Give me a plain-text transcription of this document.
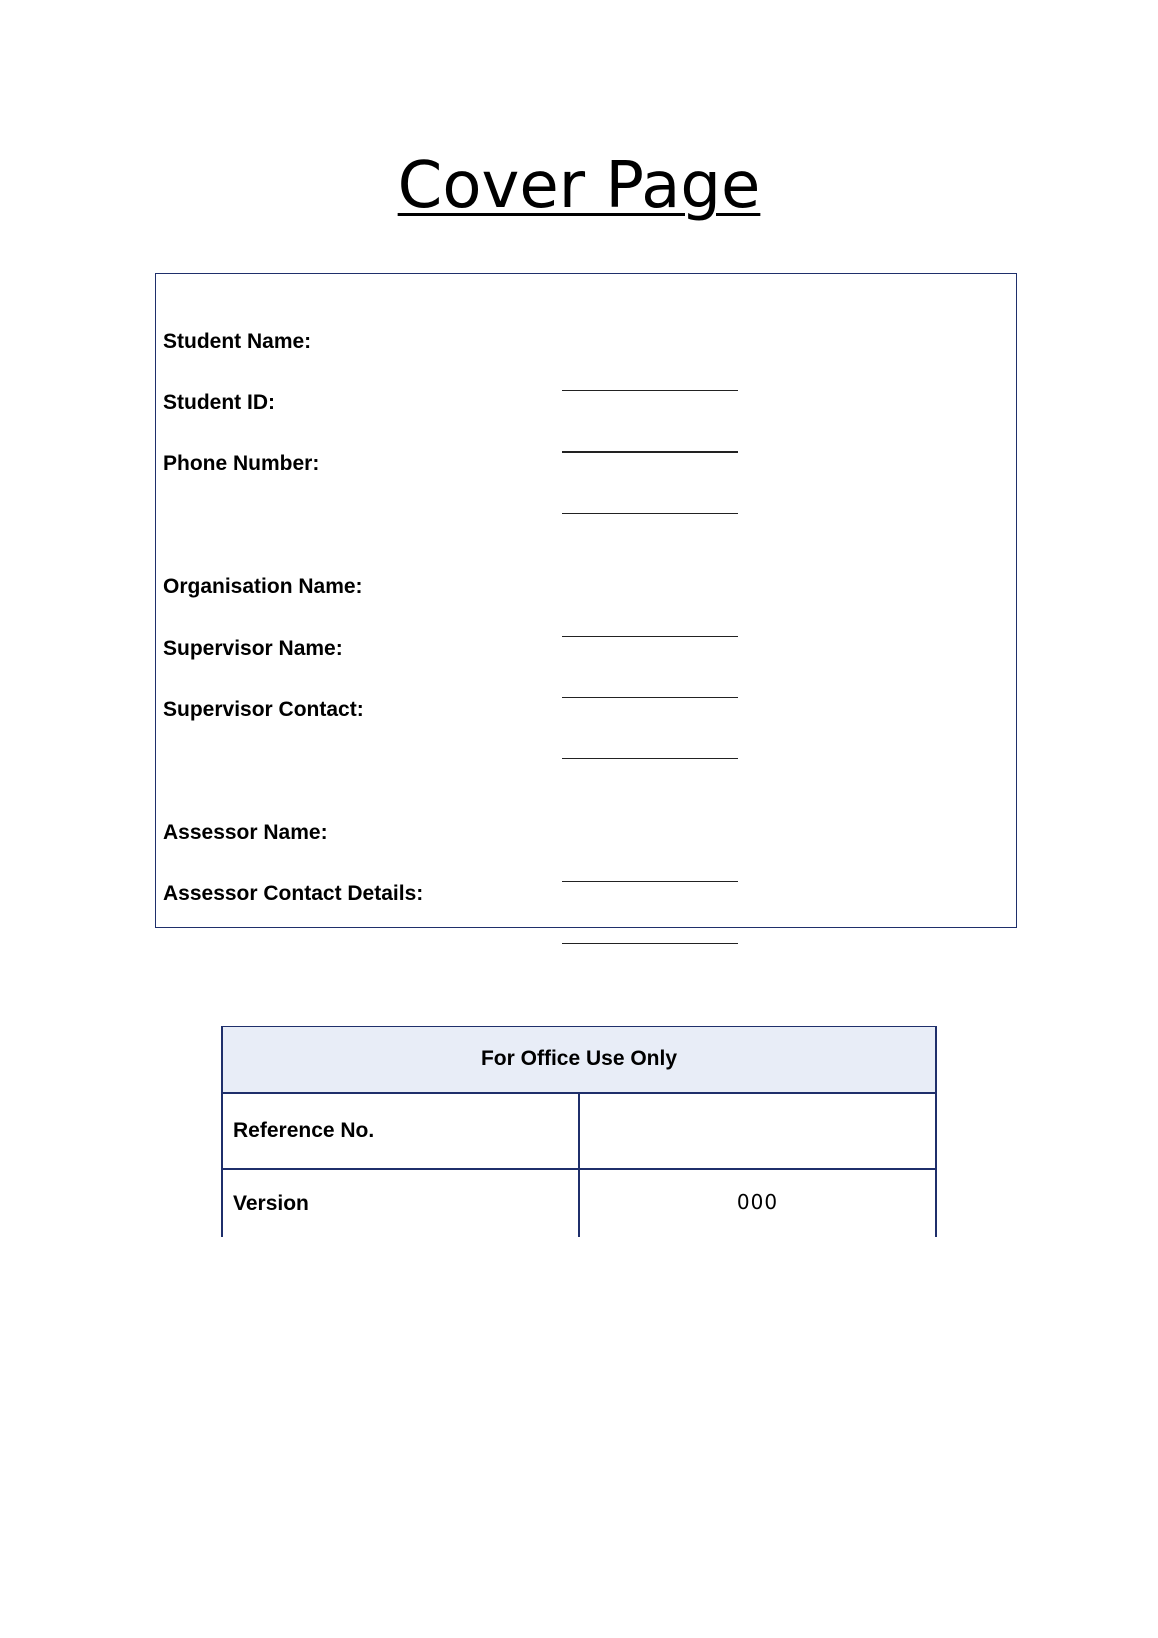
Cover Page
Student Name:
Student ID:
Phone Number:
Organisation Name:
Supervisor Name:
Supervisor Contact:
Assessor Name:
Assessor Contact Details:
For Office Use Only	
Reference No.	
Version	000
